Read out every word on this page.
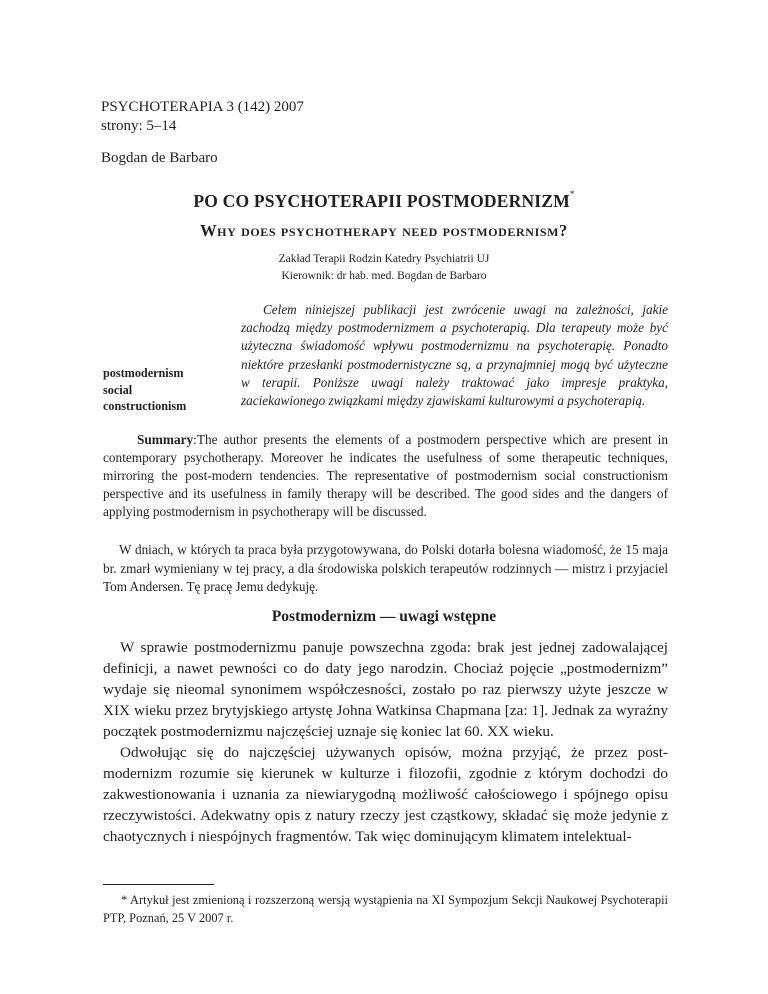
PSYCHOTERAPIA 3 (142) 2007
strony: 5–14
Bogdan de Barbaro
PO CO PSYCHOTERAPII POSTMODERNIZM*
Why does psychotherapy need postmodernism?
Zakład Terapii Rodzin Katedry Psychiatrii UJ
Kierownik: dr hab. med. Bogdan de Barbaro
Celem niniejszej publikacji jest zwrócenie uwagi na zależności, jakie zachodzą między postmodernizmem a psychoterapią. Dla terapeuty może być użyteczna świadomość wpływu postmodernizmu na psychoterapię. Ponadto niektóre przesłanki postmodernistyczne są, a przynajmniej mogą być użyteczne w terapii. Poniższe uwagi należy traktować jako impresje praktyka, zaciekawionego związkami między zjawiskami kulturowymi a psychoterapią.
postmodernism
social
constructionism
Summary:The author presents the elements of a postmodern perspective which are present in contemporary psychotherapy. Moreover he indicates the usefulness of some therapeutic techniques, mirroring the post-modern tendencies. The representative of postmodernism social constructionism perspective and its usefulness in family therapy will be described. The good sides and the dangers of applying postmodernism in psychotherapy will be discussed.
W dniach, w których ta praca była przygotowywana, do Polski dotarła bolesna wiadomość, że 15 maja br. zmarł wymieniany w tej pracy, a dla środowiska polskich terapeutów rodzinnych — mistrz i przyjaciel Tom Andersen. Tę pracę Jemu dedykuję.
Postmodernizm — uwagi wstępne

W sprawie postmodernizmu panuje powszechna zgoda: brak jest jednej zadowalającej definicji, a nawet pewności co do daty jego narodzin. Chociaż pojęcie „postmodernizm” wydaje się nieomal synonimem współczesności, zostało po raz pierwszy użyte jeszcze w XIX wieku przez brytyjskiego artystę Johna Watkinsa Chapmana [za: 1]. Jednak za wyraźny początek postmodernizmu najczęściej uznaje się koniec lat 60. XX wieku.

Odwołując się do najczęściej używanych opisów, można przyjąć, że przez post-modernizm rozumie się kierunek w kulturze i filozofii, zgodnie z którym dochodzi do zakwestionowania i uznania za niewiarygodną możliwość całościowego i spójnego opisu rzeczywistości. Adekwatny opis z natury rzeczy jest cząstkowy, składać się może jedynie z chaotycznych i niespójnych fragmentów. Tak więc dominującym klimatem intelektual-

* Artykuł jest zmienioną i rozszerzoną wersją wystąpienia na XI Sympozjum Sekcji Naukowej Psychoterapii PTP, Poznań, 25 V 2007 r.
